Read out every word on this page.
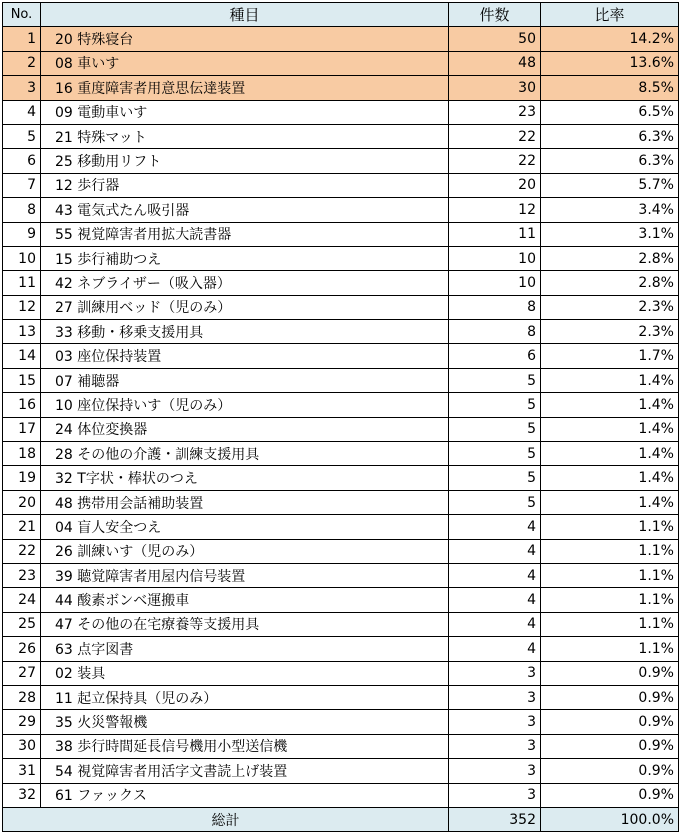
No.	種目	件数	比率
1	20 特殊寝台	50	14.2%
2	08 車いす	48	13.6%
3	16 重度障害者用意思伝達装置	30	8.5%
4	09 電動車いす	23	6.5%
5	21 特殊マット	22	6.3%
6	25 移動用リフト	22	6.3%
7	12 歩行器	20	5.7%
8	43 電気式たん吸引器	12	3.4%
9	55 視覚障害者用拡大読書器	11	3.1%
10	15 歩行補助つえ	10	2.8%
11	42 ネブライザー（吸入器）	10	2.8%
12	27 訓練用ベッド（児のみ）	8	2.3%
13	33 移動・移乗支援用具	8	2.3%
14	03 座位保持装置	6	1.7%
15	07 補聴器	5	1.4%
16	10 座位保持いす（児のみ）	5	1.4%
17	24 体位変換器	5	1.4%
18	28 その他の介護・訓練支援用具	5	1.4%
19	32 T字状・棒状のつえ	5	1.4%
20	48 携帯用会話補助装置	5	1.4%
21	04 盲人安全つえ	4	1.1%
22	26 訓練いす（児のみ）	4	1.1%
23	39 聴覚障害者用屋内信号装置	4	1.1%
24	44 酸素ボンベ運搬車	4	1.1%
25	47 その他の在宅療養等支援用具	4	1.1%
26	63 点字図書	4	1.1%
27	02 装具	3	0.9%
28	11 起立保持具（児のみ）	3	0.9%
29	35 火災警報機	3	0.9%
30	38 歩行時間延長信号機用小型送信機	3	0.9%
31	54 視覚障害者用活字文書読上げ装置	3	0.9%
32	61 ファックス	3	0.9%
総計		352	100.0%
